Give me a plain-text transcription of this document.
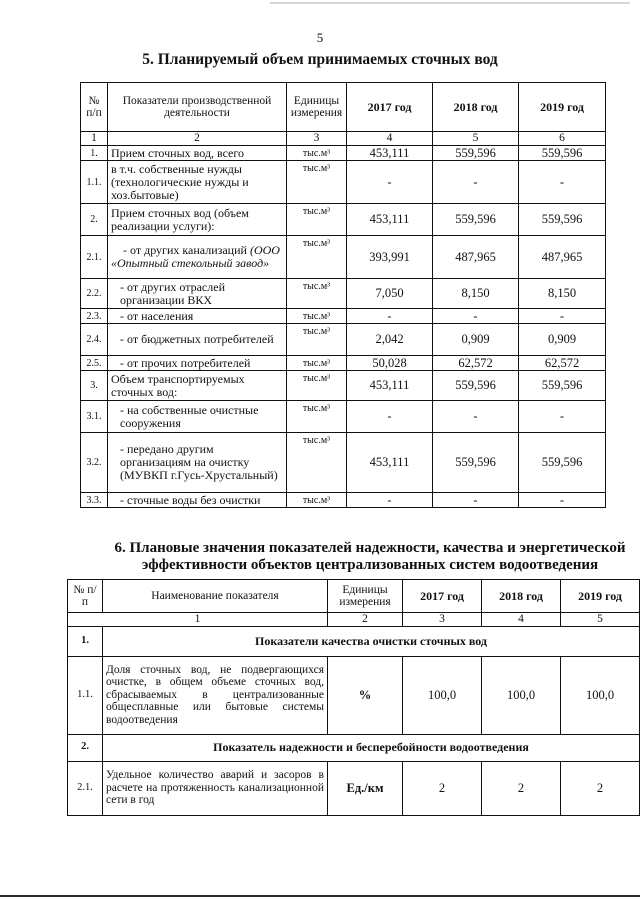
5
5. Планируемый объем принимаемых сточных вод
№ п/п	Показатели производственной деятельности	Единицы измерения	2017 год	2018 год	2019 год
1	2	3	4	5	6
1.	Прием сточных вод, всего	тыс.м³	453,111	559,596	559,596
1.1.	в т.ч. собственные нужды (технологические нужды и хоз.бытовые)	тыс.м³	-	-	-
2.	Прием сточных вод (объем реализации услуги):	тыс.м³	453,111	559,596	559,596
2.1.	- от других канализаций (ООО «Опытный стекольный завод»	тыс.м³	393,991	487,965	487,965
2.2.	- от других отраслей организации ВКХ	тыс.м³	7,050	8,150	8,150
2.3.	- от населения	тыс.м³	-	-	-
2.4.	- от бюджетных потребителей	тыс.м³	2,042	0,909	0,909
2.5.	- от прочих потребителей	тыс.м³	50,028	62,572	62,572
3.	Объем транспортируемых сточных вод:	тыс.м³	453,111	559,596	559,596
3.1.	- на собственные очистные сооружения	тыс.м³	-	-	-
3.2.	- передано другим организациям на очистку (МУВКП г.Гусь-Хрустальный)	тыс.м³	453,111	559,596	559,596
3.3.	- сточные воды без очистки	тыс.м³	-	-	-
6. Плановые значения показателей надежности, качества и энергетической эффективности объектов централизованных систем водоотведения
№ п/п	Наименование показателя	Единицы измерения	2017 год	2018 год	2019 год
1		2	3	4	5
1.	Показатели качества очистки сточных вод				
1.1.	Доля сточных вод, не подвергающихся очистке, в общем объеме сточных вод, сбрасываемых в централизованные общесплавные или бытовые системы водоотведения	%	100,0	100,0	100,0
2.	Показатель надежности и бесперебойности водоотведения				
2.1.	Удельное количество аварий и засоров в расчете на протяженность канализационной сети в год	Ед./км	2	2	2
